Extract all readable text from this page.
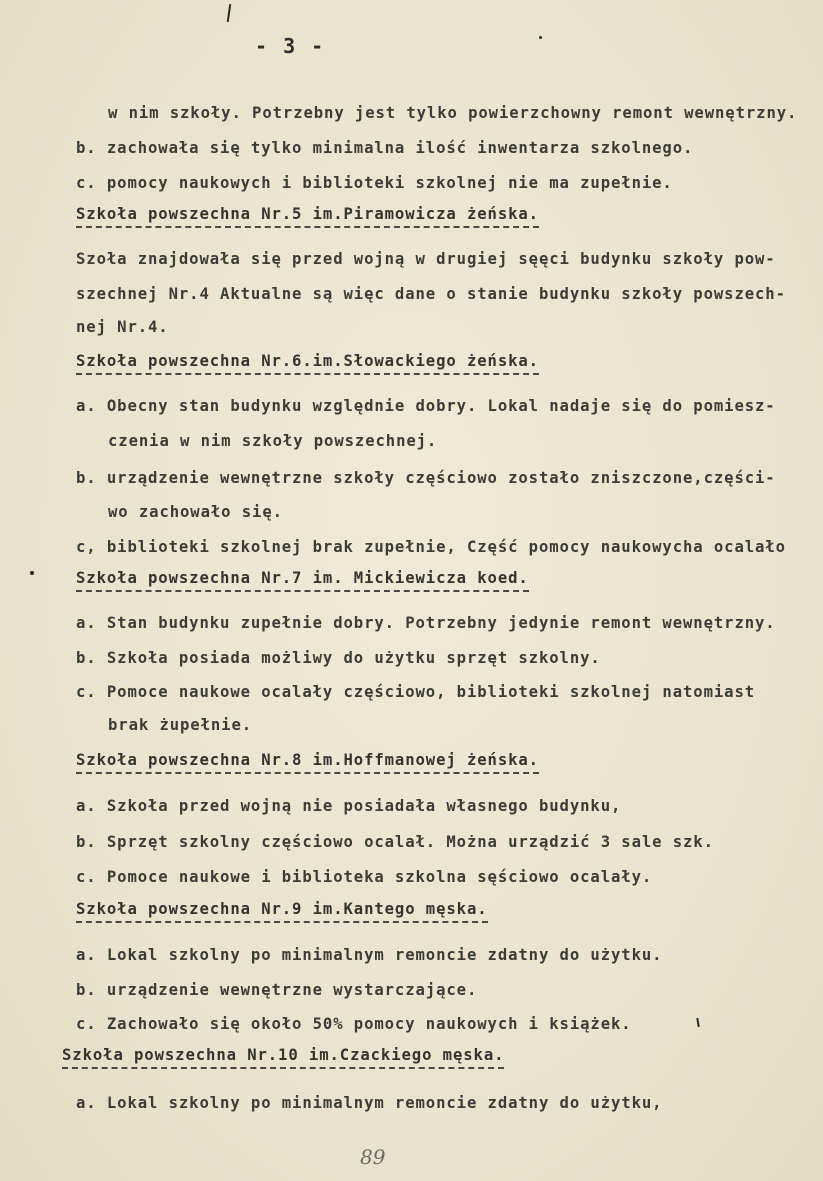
- 3 -
w nim szkoły. Potrzebny jest tylko powierzchowny remont wewnętrzny.
b. zachowała się tylko minimalna ilość inwentarza szkolnego.
c. pomocy naukowych i biblioteki szkolnej nie ma zupełnie.
Szkoła powszechna Nr.5 im.Piramowicza żeńska.
Szoła znajdowała się przed wojną w drugiej sęęci budynku szkoły pow-
szechnej Nr.4 Aktualne są więc dane o stanie budynku szkoły powszech-
nej Nr.4.
Szkoła powszechna Nr.6.im.Słowackiego żeńska.
a. Obecny stan budynku względnie dobry. Lokal nadaje się do pomiesz-
czenia w nim szkoły powszechnej.
b. urządzenie wewnętrzne szkoły częściowo zostało zniszczone,części-
wo zachowało się.
c, biblioteki szkolnej brak zupełnie, Część pomocy naukowycha ocalało
Szkoła powszechna Nr.7 im. Mickiewicza koed.
a. Stan budynku zupełnie dobry. Potrzebny jedynie remont wewnętrzny.
b. Szkoła posiada możliwy do użytku sprzęt szkolny.
c. Pomoce naukowe ocalały częściowo, biblioteki szkolnej natomiast
brak żupełnie.
Szkoła powszechna Nr.8 im.Hoffmanowej żeńska.
a. Szkoła przed wojną nie posiadała własnego budynku,
b. Sprzęt szkolny częściowo ocalał. Można urządzić 3 sale szk.
c. Pomoce naukowe i biblioteka szkolna sęściowo ocalały.
Szkoła powszechna Nr.9 im.Kantego męska.
a. Lokal szkolny po minimalnym remoncie zdatny do użytku.
b. urządzenie wewnętrzne wystarczające.
c. Zachowało się około 50% pomocy naukowych i książek.
Szkoła powszechna Nr.10 im.Czackiego męska.
a. Lokal szkolny po minimalnym remoncie zdatny do użytku,
89
